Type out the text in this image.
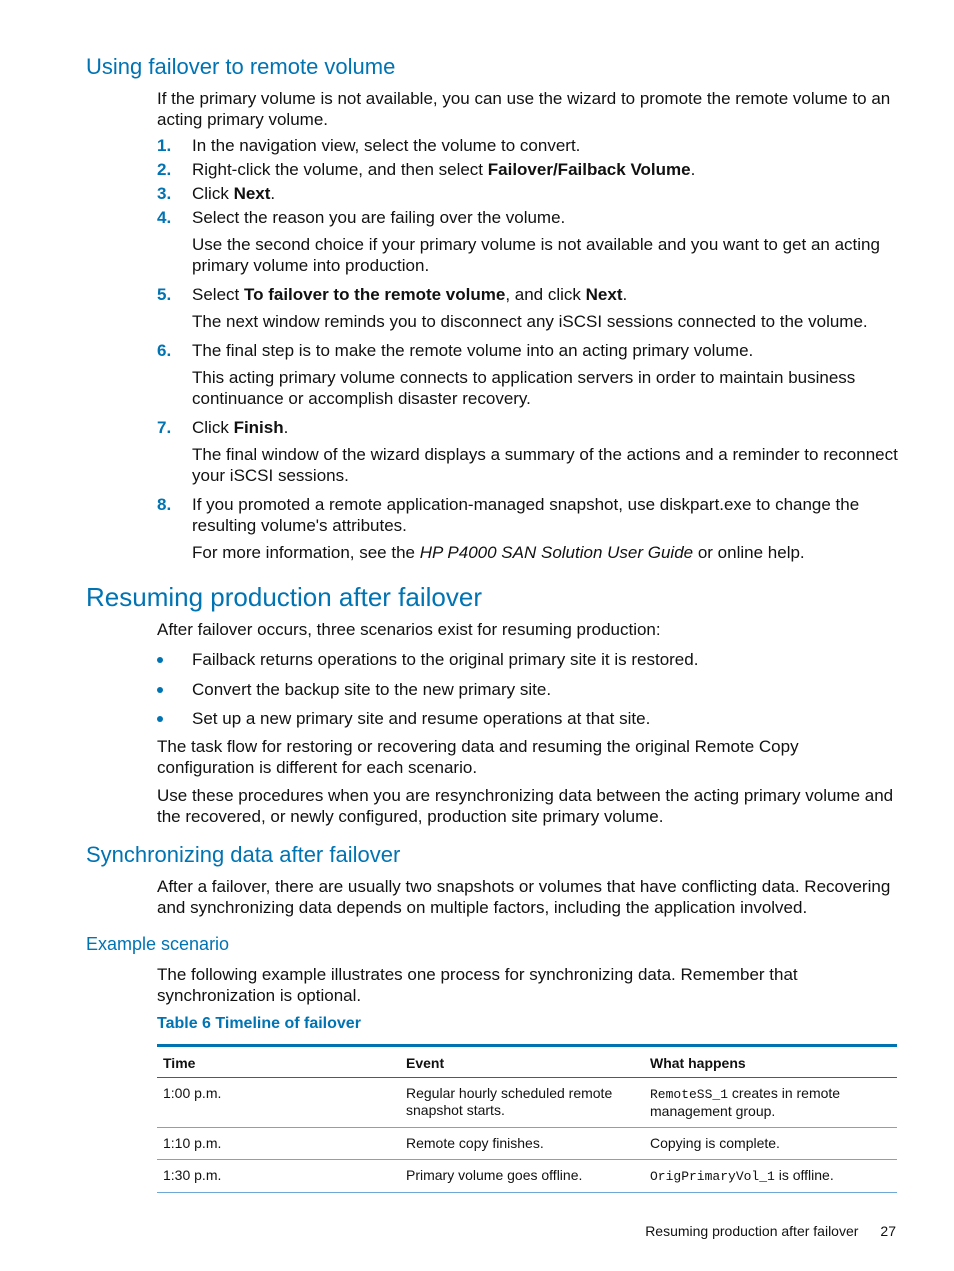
Using failover to remote volume

If the primary volume is not available, you can use the wizard to promote the remote volume to an acting primary volume.

1. In the navigation view, select the volume to convert.
2. Right-click the volume, and then select Failover/Failback Volume.
3. Click Next.
4. Select the reason you are failing over the volume.

Use the second choice if your primary volume is not available and you want to get an acting primary volume into production.

5. Select To failover to the remote volume, and click Next.

The next window reminds you to disconnect any iSCSI sessions connected to the volume.

6. The final step is to make the remote volume into an acting primary volume.

This acting primary volume connects to application servers in order to maintain business continuance or accomplish disaster recovery.

7. Click Finish.

The final window of the wizard displays a summary of the actions and a reminder to reconnect your iSCSI sessions.

8. If you promoted a remote application-managed snapshot, use diskpart.exe to change the resulting volume's attributes.

For more information, see the HP P4000 SAN Solution User Guide or online help.

Resuming production after failover

After failover occurs, three scenarios exist for resuming production:

Failback returns operations to the original primary site it is restored.
Convert the backup site to the new primary site.
Set up a new primary site and resume operations at that site.

The task flow for restoring or recovering data and resuming the original Remote Copy configuration is different for each scenario.

Use these procedures when you are resynchronizing data between the acting primary volume and the recovered, or newly configured, production site primary volume.

Synchronizing data after failover

After a failover, there are usually two snapshots or volumes that have conflicting data. Recovering and synchronizing data depends on multiple factors, including the application involved.

Example scenario

The following example illustrates one process for synchronizing data. Remember that synchronization is optional.

Table 6 Timeline of failover
Time	Event	What happens
1:00 p.m.	Regular hourly scheduled remote snapshot starts.	RemoteSS_1 creates in remote management group.
1:10 p.m.	Remote copy finishes.	Copying is complete.
1:30 p.m.	Primary volume goes offline.	OrigPrimaryVol_1 is offline.
Resuming production after failover 27
